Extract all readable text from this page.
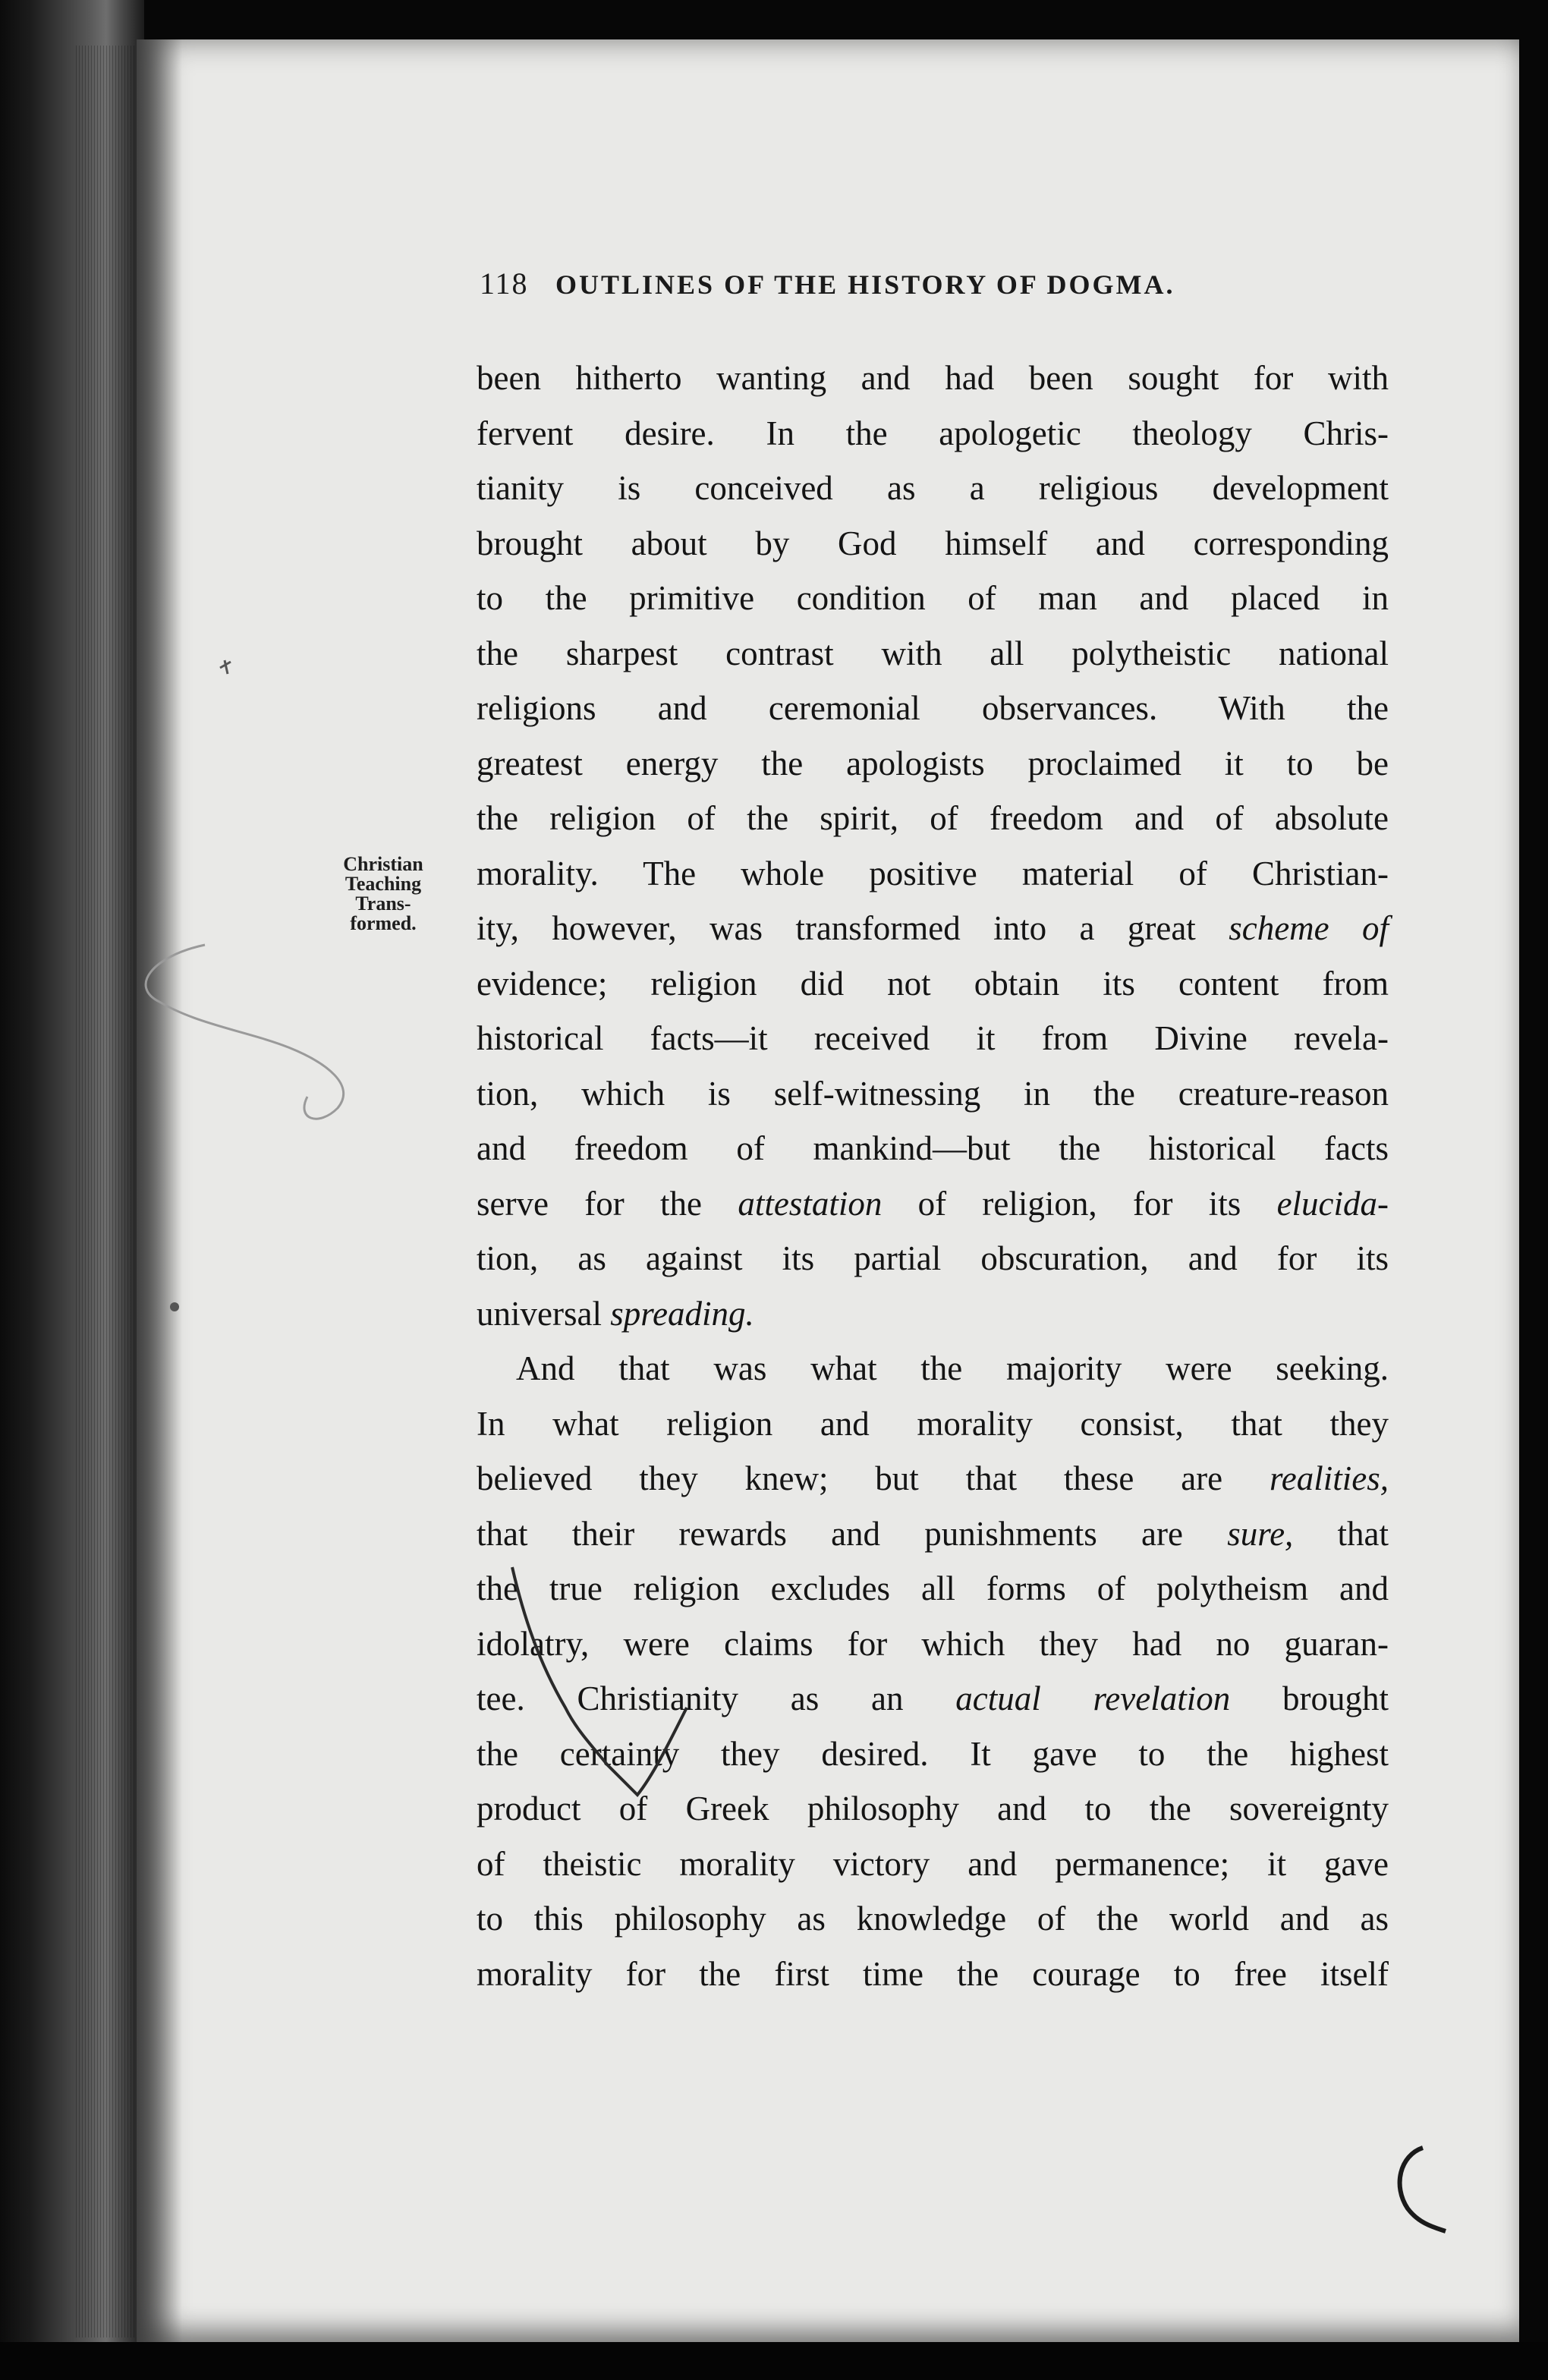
118 OUTLINES OF THE HISTORY OF DOGMA.
Christian
Teaching
Trans-
formed.
been hitherto wanting and had been sought for with
fervent desire. In the apologetic theology Chris-
tianity is conceived as a religious development
brought about by God himself and corresponding
to the primitive condition of man and placed in
the sharpest contrast with all polytheistic national
religions and ceremonial observances. With the
greatest energy the apologists proclaimed it to be
the religion of the spirit, of freedom and of absolute
morality. The whole positive material of Christian-
ity, however, was transformed into a great scheme of
evidence; religion did not obtain its content from
historical facts—it received it from Divine revela-
tion, which is self-witnessing in the creature-reason
and freedom of mankind—but the historical facts
serve for the attestation of religion, for its elucida-
tion, as against its partial obscuration, and for its
universal spreading.
And that was what the majority were seeking.
In what religion and morality consist, that they
believed they knew; but that these are realities,
that their rewards and punishments are sure, that
the true religion excludes all forms of polytheism and
idolatry, were claims for which they had no guaran-
tee. Christianity as an actual revelation brought
the certainty they desired. It gave to the highest
product of Greek philosophy and to the sovereignty
of theistic morality victory and permanence; it gave
to this philosophy as knowledge of the world and as
morality for the first time the courage to free itself
